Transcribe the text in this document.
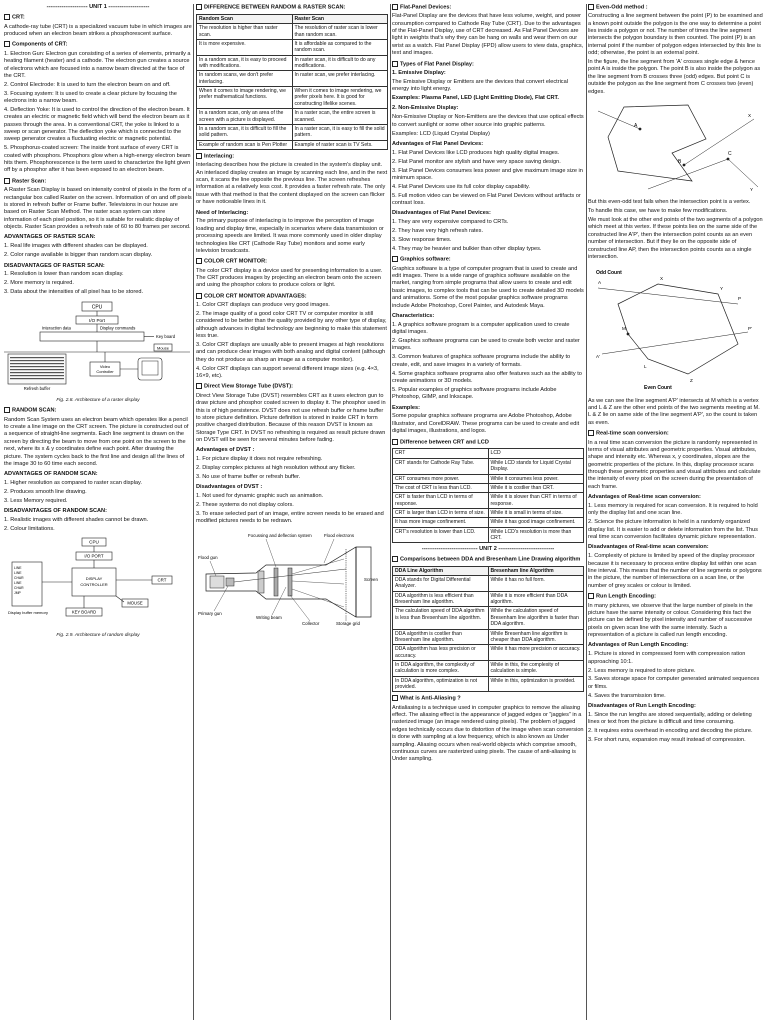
---------------------- UNIT 1 ----------------------

CRT:

A cathode-ray tube (CRT) is a specialized vacuum tube in which images are produced when an electron beam strikes a phosphorescent surface.

Components of CRT:

1. Electron Gun: Electron gun consisting of a series of elements, primarily a heating filament (heater) and a cathode. The electron gun creates a source of electrons which are focused into a narrow beam directed at the face of the CRT.

2. Control Electrode: It is used to turn the electron beam on and off.

3. Focusing system: It is used to create a clear picture by focusing the electrons into a narrow beam.

4. Deflection Yoke: It is used to control the direction of the electron beam. It creates an electric or magnetic field which will bend the electron beam as it passes through the area. In a conventional CRT, the yoke is linked to a sweep or scan generator. The deflection yoke which is connected to the sweep generator creates a fluctuating electric or magnetic potential.

5. Phosphorus-coated screen: The inside front surface of every CRT is coated with phosphors. Phosphors glow when a high-energy electron beam hits them. Phosphorescence is the term used to characterize the light given off by a phosphor after it has been exposed to an electron beam.

Raster Scan:

A Raster Scan Display is based on intensity control of pixels in the form of a rectangular box called Raster on the screen. Information of on and off pixels is stored in refresh buffer or Frame buffer. Televisions in our house are based on Raster Scan Method. The raster scan system can store information of each pixel position, so it is suitable for realistic display of objects. Raster Scan provides a refresh rate of 60 to 80 frames per second.

ADVANTAGES OF RASTER SCAN:

1. Real life images with different shades can be displayed.

2. Color range available is bigger than random scan display.

DISADVANTAGES OF RASTER SCAN:

1. Resolution is lower than random scan display.

2. More memory is required.

3. Data about the intensities of all pixel has to be stored.

CPU
I/O Port
Interaction data	Display commands
Key board
Mouse
Refresh buffer
Video
Controller
Fig. 2.8. Architecture of a raster display

RANDOM SCAN:

Random Scan System uses an electron beam which operates like a pencil to create a line image on the CRT screen. The picture is constructed out of a sequence of straight-line segments. Each line segment is drawn on the screen by directing the beam to move from one point on the screen to the next, where its x & y coordinates define each point. After drawing the picture. The system cycles back to the first line and design all the lines of the image 30 to 60 time each second.

ADVANTAGES OF RANDOM SCAN:

1. Higher resolution as compared to raster scan display.

2. Produces smooth line drawing.

3. Less Memory required.

DISADVANTAGES OF RANDOM SCAN:

1. Realistic images with different shades cannot be drawn.

2. Colour limitations.

CPU
I/O PORT
DISPLAY
CONTROLLER
LINE
LINE
CHAR
LINE
CHAR
JMP
Display buffer memory
CRT
MOUSE
KEY BOARD
Fig. 2.9. Architecture of random display

DIFFERENCE BETWEEN RANDOM & RASTER SCAN:

Random Scan	Raster Scan
The resolution is higher than raster scan.	The resolution of raster scan is lower than random scan.
It is more expensive.	It is affordable as compared to the random scan.
In a random scan, it is easy to proceed with modifications.	In raster scan, it is difficult to do any modifications.
In random scans, we don't prefer interlacing.	In raster scan, we prefer interlacing.
When it comes to image rendering, we prefer mathematical functions.	When it comes to image rendering, we prefer pixels here. It is good for constructing lifelike scenes.
In a random scan, only an area of the screen with a picture is displayed.	In a raster scan, the entire screen is scanned.
In a random scan, it is difficult to fill the solid pattern.	In a raster scan, it is easy to fill the solid pattern.
Example of random scan is Pen Plotter	Example of raster scan is TV Sets.

Interlacing:

Interlacing describes how the picture is created in the system's display unit. An interlaced display creates an image by scanning each line, and in the next scan, it scans the line opposite the previous line. The screen refreshes information at a relatively less cost. It provides a faster refresh rate. The only issue with that method is that the content displayed on the screen can flicker or have noticeable lines in it.

Need of Interlacing:

The primary purpose of interlacing is to improve the perception of image loading and display time, especially in scenarios where data transmission or processing speeds are limited. It was more commonly used in older display technologies like CRT (Cathode Ray Tube) monitors and some early television broadcasts.

COLOR CRT MONITOR:

The color CRT display is a device used for presenting information to a user. The CRT produces images by projecting an electron beam onto the screen and using the phosphor colors to produce colors or light.

COLOR CRT MONITOR ADVANTAGES:

1. Color CRT displays can produce very good images.

2. The image quality of a good color CRT TV or computer monitor is still considered to be better than the quality provided by any other type of display, although advances in digital technology are beginning to make this statement less true.

3. Color CRT displays are usually able to present images at high resolutions and can produce clear images with both analog and digital content (although they do not produce as sharp an image as a computer monitor).

4. Color CRT displays can support several different image sizes (e.g. 4×3, 16×9, etc).

Direct View Storage Tube (DVST):

Direct View Storage Tube (DVST) resembles CRT as it uses electron gun to draw picture and phosphor coated screen to display it. The phosphor used in this is of high persistence. DVST does not use refresh buffer or frame buffer to store picture definition. Picture definition is stored in inside CRT in form positive charged distribution. Because of this reason DVST is known as Storage Type CRT. In DVST no refreshing is required as result picture drawn on DVST will be seen for several minutes before fading.

Advantages of DVST :

1. For picture display it does not require refreshing.

2. Display complex pictures at high resolution without any flicker.

3. No use of frame buffer or refresh buffer.

Disadvantages of DVST :

1. Not used for dynamic graphic such as animation.

2. These systems do not display colors.

3. To erase selected part of an image, entire screen needs to be erased and modified pictures needs to be redrawn.

Focussing and deflection system	Flood electrons
Flood gun
Primary gun
Writing beam
Collector	Storage grid
Screen

Flat-Panel Devices:

Flat-Panel Display are the devices that have less volume, weight, and power consumption compared to Cathode Ray Tube (CRT). Due to the advantages of the Flat-Panel Display, use of CRT decreased. As Flat Panel Devices are light in weights that's why they can be hang on walls and wear them on our wrist as a watch. Flat Panel Display (FPD) allow users to view data, graphics, text and images.

Types of Flat Panel Display:

1. Emissive Display:

The Emissive Display or Emitters are the devices that convert electrical energy into light energy.

Examples: Plasma Panel, LED (Light Emitting Diode), Flat CRT.

2. Non-Emissive Display:

Non-Emissive Display or Non-Emitters are the devices that use optical effects to convert sunlight or some other source into graphic patterns.

Examples: LCD (Liquid Crystal Display)

Advantages of Flat Panel Devices:

1. Flat Panel Devices like LCD produces high quality digital images.

2. Flat Panel monitor are stylish and have very space saving design.

3. Flat Panel Devices consumes less power and give maximum image size in minimum space.

4. Flat Panel Devices use its full color display capability.

5. Full motion video can be viewed on Flat Panel Devices without artifacts or contrast loss.

Disadvantages of Flat Panel Devices:

1. They are very expensive compared to CRTs.

2. They have very high refresh rates.

3. Slow response times.

4. They may be heavier and bulkier than other display types.

Graphics software:

Graphics software is a type of computer program that is used to create and edit images. There is a wide range of graphics software available on the market, ranging from simple programs that allow users to create and edit basic images, to complex tools that can be used to create detailed 3D models and animations. Some of the most popular graphics software programs include Adobe Photoshop, Corel Painter, and Autodesk Maya.

Characteristics:

1. A graphics software program is a computer application used to create digital images.

2. Graphics software programs can be used to create both vector and raster images.

3. Common features of graphics software programs include the ability to create, edit, and save images in a variety of formats.

4. Some graphics software programs also offer features such as the ability to create animations or 3D models.

5. Popular examples of graphics software programs include Adobe Photoshop, GIMP, and Inkscape.

Examples:

Some popular graphics software programs are Adobe Photoshop, Adobe Illustrator, and CorelDRAW. These programs can be used to create and edit digital images, illustrations, and logos.

Difference between CRT and LCD

CRT	LCD
CRT stands for Cathode Ray Tube.	While LCD stands for Liquid Crystal Display.
CRT consumes more power.	While it consumes less power.
The cost of CRT is less than LCD.	While it is costlier than CRT.
CRT is faster than LCD in terms of response.	While it is slower than CRT in terms of response.
CRT is larger than LCD in terms of size.	While it is small in terms of size.
It has more image confinement.	While it has good image confinement.
CRT's resolution is lower than LCD.	While LCD's resolution is more than CRT.
------------------------------ UNIT 2 ------------------------------

Comparisons between DDA and Bresenham Line Drawing algorithm

DDA Line Algorithm	Bresenham line Algorithm
DDA stands for Digital Differential Analyzer.	While it has no full form.
DDA algorithm is less efficient than Bresenham line algorithm.	While it is more efficient than DDA algorithm.
The calculation speed of DDA algorithm is less than Bresenham line algorithm.	While the calculation speed of Bresenham line algorithm is faster than DDA algorithm.
DDA algorithm is costlier than Bresenham line algorithm.	While Bresenham line algorithm is cheaper than DDA algorithm.
DDA algorithm has less precision or accuracy.	While it has more precision or accuracy.
In DDA algorithm, the complexity of calculation is more complex.	While in this, the complexity of calculation is simple.
In DDA algorithm, optimization is not provided.	While in this, optimization is provided.

What is Anti-Aliasing ?

Antialiasing is a technique used in computer graphics to remove the aliasing effect. The aliasing effect is the appearance of jagged edges or “jaggies” in a rasterized image (an image rendered using pixels). The problem of jagged edges technically occurs due to distortion of the image when scan conversion is done with sampling at a low frequency, which is also known as Under sampling. Aliasing occurs when real-world objects which comprise smooth, continuous curves are rasterized using pixels. The cause of anti-aliasing is Under sampling.

Even-Odd method :

Constructing a line segment between the point (P) to be examined and a known point outside the polygon is the one way to determine a point lies inside a polygon or not. The number of times the line segment intersects the polygon boundary is then counted. The point (P) is an internal point if the number of polygon edges intersected by this line is odd; otherwise, the point is an external point.

In the figure, the line segment from 'A' crosses single edge & hence point A is inside the polygon. The point B is also inside the polygon as the line segment from B crosses three (odd) edges. But point C is outside the polygon as the line segment from C crosses two (even) edges.

A
B
C
X
Y

But this even-odd test fails when the intersection point is a vertex.

To handle this case, we have to make few modifications.

We must look at the other end points of the two segments of a polygon which meet at this vertex. If these points lies on the same side of the constructed line A'P', then the intersection point counts as an even number of intersection. But if they lie on the opposite side of constructed line AP, then the intersection points counts as a single intersection.

Odd Count
Even Count
A
P
A'
P'
X
Y
Z
M
L

As we can see the line segment A'P' intersects at M which is a vertex and L & Z are the other end points of the two segments meeting at M. L & Z lie on same side of the line segment A'P', so the count is taken as even.

Real-time scan conversion:

In a real time scan conversion the picture is randomly represented in terms of visual attributes and geometric properties. Visual attributes, shape and intensity etc. Whereas x, y coordinates, slopes are the geometric properties of the picture. In this, display processor scans through these geometric properties and visual attributes and calculate the intensity of every pixel on the screen during the presentation of each frame.

Advantages of Real-time scan conversion:

1. Less memory is required for scan conversion. It is required to hold only the display list and one scan line.

2. Science the picture information is held in a randomly organized display list. It is easier to add or delete information from the list. Thus real time scan conversion facilitates dynamic picture representation.

Disadvantages of Real-time scan conversion:

1. Complexity of picture is limited by speed of the display processor because it is necessary to process entire display list within one scan line interval. This means that the number of line segments or polygons in the picture, the number of intersections on a scan line, or the number of grey scales or colour is limited.

Run Length Encoding:

In many pictures, we observe that the large number of pixels in the picture have the same intensity or colour. Considering this fact the picture can be defined by pixel intensity and number of successive pixels on given scan line with the same intensity. Such a representation of a picture is called run length encoding.

Advantages of Run Length Encoding:

1. Picture is stored in compressed form with compression ration approaching 10:1.

2. Less memory is required to store picture.

3. Saves storage space for computer generated animated sequences or films.

4. Saves the transmission time.

Disadvantages of Run Length Encoding:

1. Since the run lengths are stored sequentially, adding or deleting lines or text from the picture is difficult and time consuming.

2. It requires extra overhead in encoding and decoding the picture.

3. For short runs, expansion may result instead of compression.
